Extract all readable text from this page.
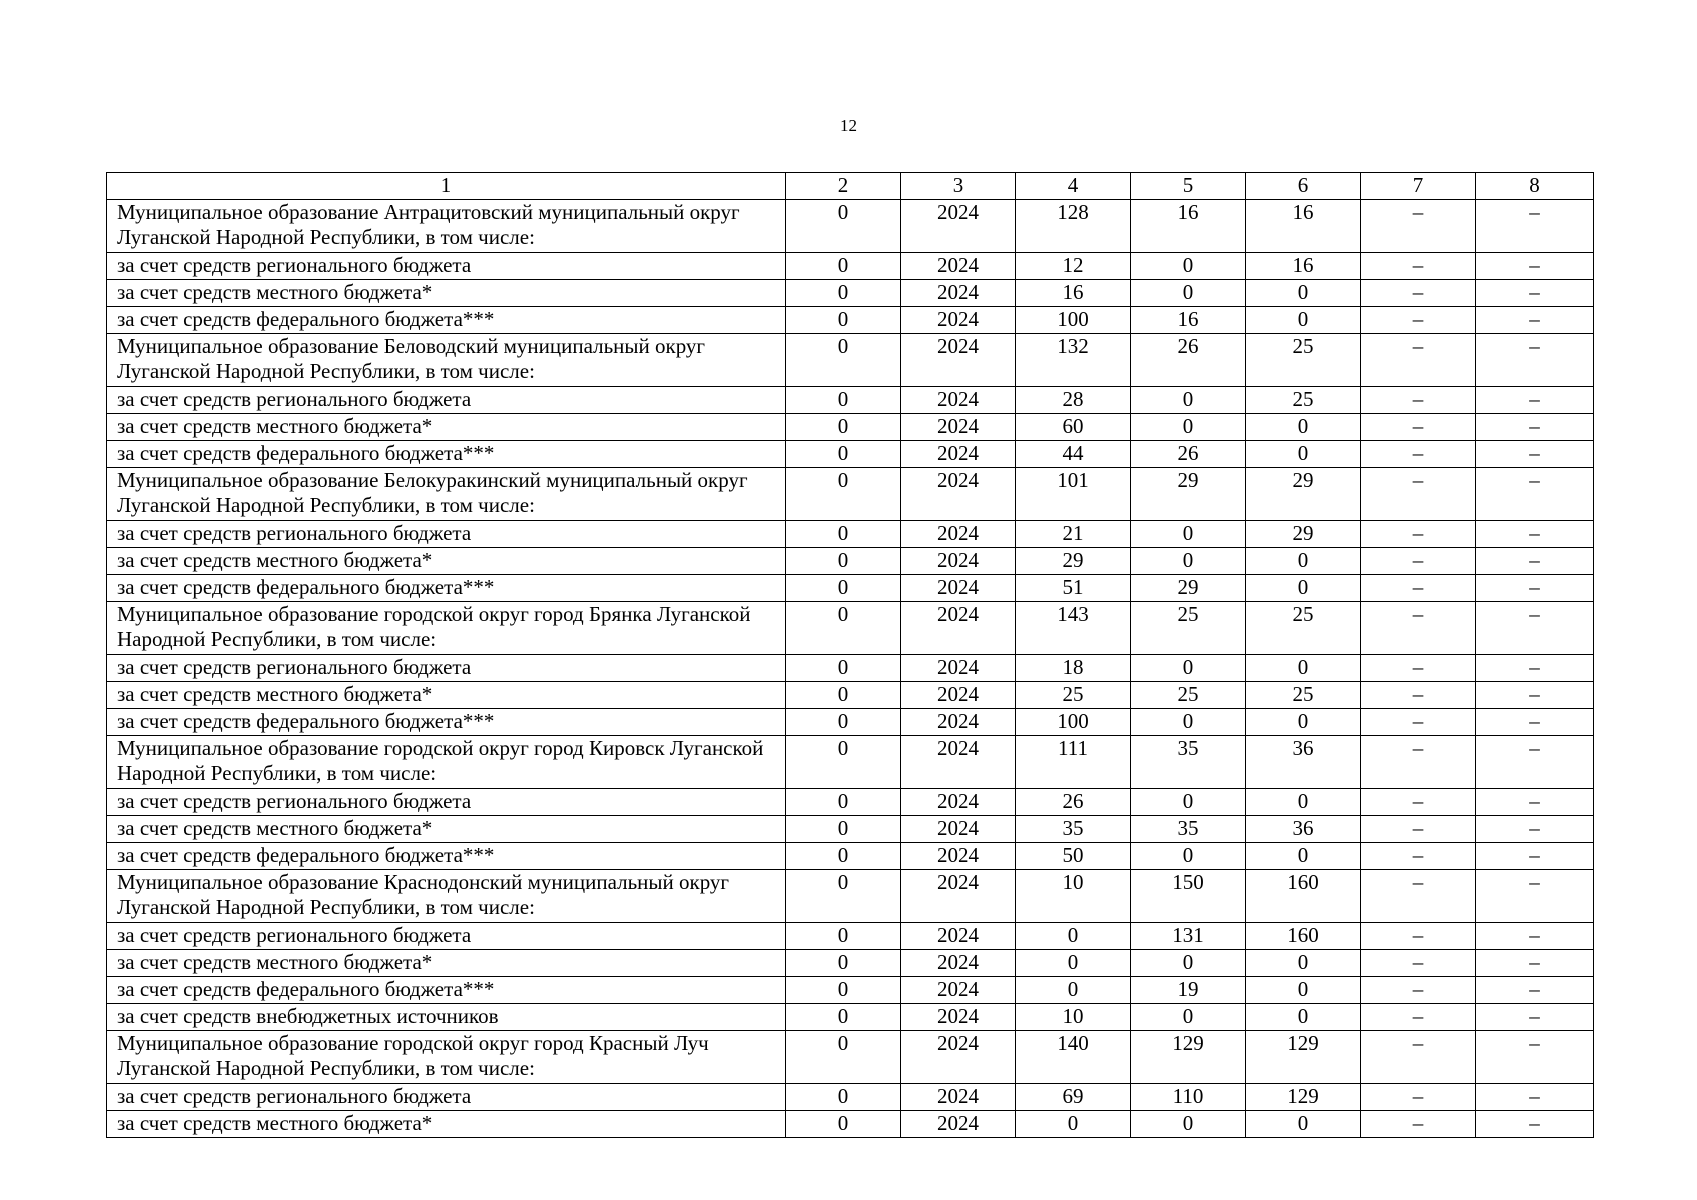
12
1	2	3	4	5	6	7	8
Муниципальное образование Антрацитовский муниципальный округ Луганской Народной Республики, в том числе:	0	2024	128	16	16	–	–
за счет средств регионального бюджета	0	2024	12	0	16	–	–
за счет средств местного бюджета*	0	2024	16	0	0	–	–
за счет средств федерального бюджета***	0	2024	100	16	0	–	–
Муниципальное образование Беловодский муниципальный округ Луганской Народной Республики, в том числе:	0	2024	132	26	25	–	–
за счет средств регионального бюджета	0	2024	28	0	25	–	–
за счет средств местного бюджета*	0	2024	60	0	0	–	–
за счет средств федерального бюджета***	0	2024	44	26	0	–	–
Муниципальное образование Белокуракинский муниципальный округ Луганской Народной Республики, в том числе:	0	2024	101	29	29	–	–
за счет средств регионального бюджета	0	2024	21	0	29	–	–
за счет средств местного бюджета*	0	2024	29	0	0	–	–
за счет средств федерального бюджета***	0	2024	51	29	0	–	–
Муниципальное образование городской округ город Брянка Луганской Народной Республики, в том числе:	0	2024	143	25	25	–	–
за счет средств регионального бюджета	0	2024	18	0	0	–	–
за счет средств местного бюджета*	0	2024	25	25	25	–	–
за счет средств федерального бюджета***	0	2024	100	0	0	–	–
Муниципальное образование городской округ город Кировск Луганской Народной Республики, в том числе:	0	2024	111	35	36	–	–
за счет средств регионального бюджета	0	2024	26	0	0	–	–
за счет средств местного бюджета*	0	2024	35	35	36	–	–
за счет средств федерального бюджета***	0	2024	50	0	0	–	–
Муниципальное образование Краснодонский муниципальный округ Луганской Народной Республики, в том числе:	0	2024	10	150	160	–	–
за счет средств регионального бюджета	0	2024	0	131	160	–	–
за счет средств местного бюджета*	0	2024	0	0	0	–	–
за счет средств федерального бюджета***	0	2024	0	19	0	–	–
за счет средств внебюджетных источников	0	2024	10	0	0	–	–
Муниципальное образование городской округ город Красный Луч Луганской Народной Республики, в том числе:	0	2024	140	129	129	–	–
за счет средств регионального бюджета	0	2024	69	110	129	–	–
за счет средств местного бюджета*	0	2024	0	0	0	–	–
